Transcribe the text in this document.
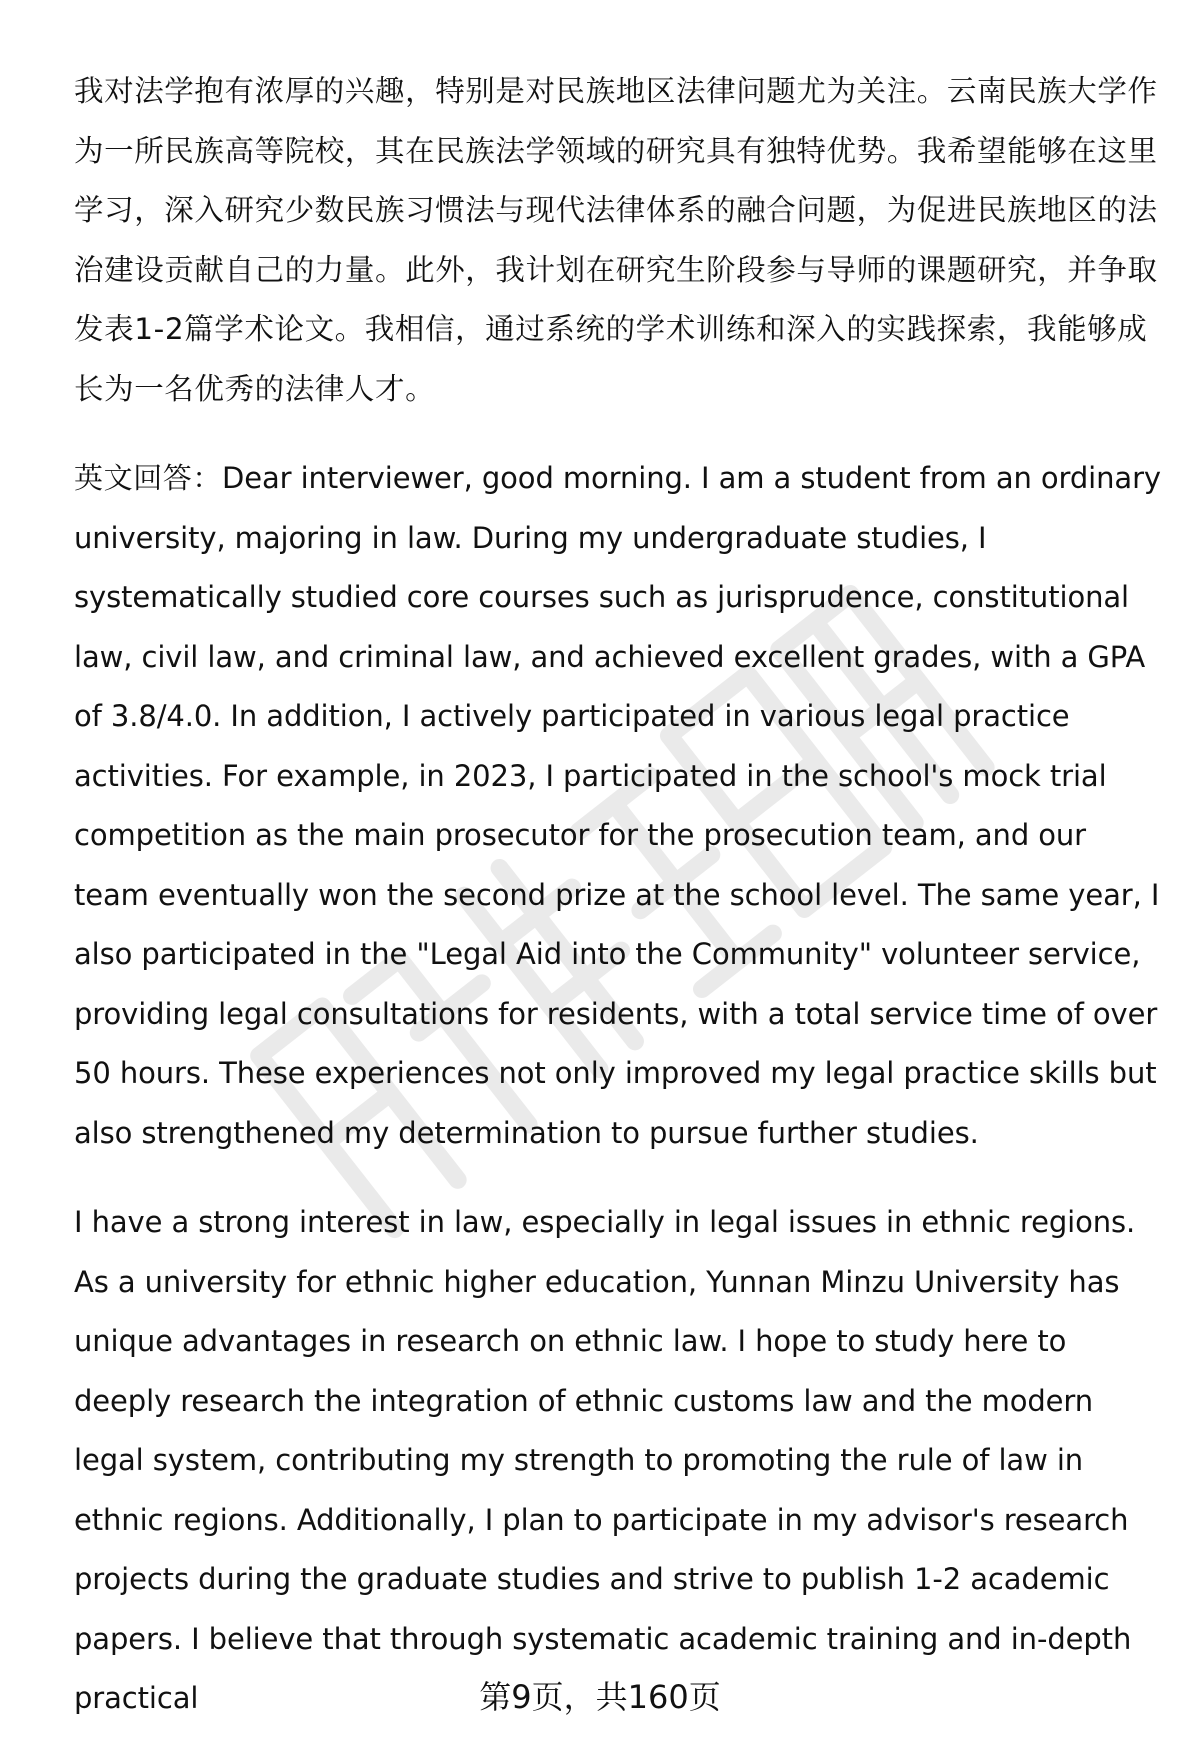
我对法学抱有浓厚的兴趣，特别是对民族地区法律问题尤为关注。云南民族大学作为一所民族高等院校，其在民族法学领域的研究具有独特优势。我希望能够在这里学习，深入研究少数民族习惯法与现代法律体系的融合问题，为促进民族地区的法治建设贡献自己的力量。此外，我计划在研究生阶段参与导师的课题研究，并争取发表1-2篇学术论文。我相信，通过系统的学术训练和深入的实践探索，我能够成长为一名优秀的法律人才。

英文回答：Dear interviewer, good morning. I am a student from an ordinary university, majoring in law. During my undergraduate studies, I systematically studied core courses such as jurisprudence, constitutional law, civil law, and criminal law, and achieved excellent grades, with a GPA of 3.8/4.0. In addition, I actively participated in various legal practice activities. For example, in 2023, I participated in the school's mock trial competition as the main prosecutor for the prosecution team, and our team eventually won the second prize at the school level. The same year, I also participated in the "Legal Aid into the Community" volunteer service, providing legal consultations for residents, with a total service time of over 50 hours. These experiences not only improved my legal practice skills but also strengthened my determination to pursue further studies.

I have a strong interest in law, especially in legal issues in ethnic regions. As a university for ethnic higher education, Yunnan Minzu University has unique advantages in research on ethnic law. I hope to study here to deeply research the integration of ethnic customs law and the modern legal system, contributing my strength to promoting the rule of law in ethnic regions. Additionally, I plan to participate in my advisor's research projects during the graduate studies and strive to publish 1-2 academic papers. I believe that through systematic academic training and in-depth practical	第9页，共160页
